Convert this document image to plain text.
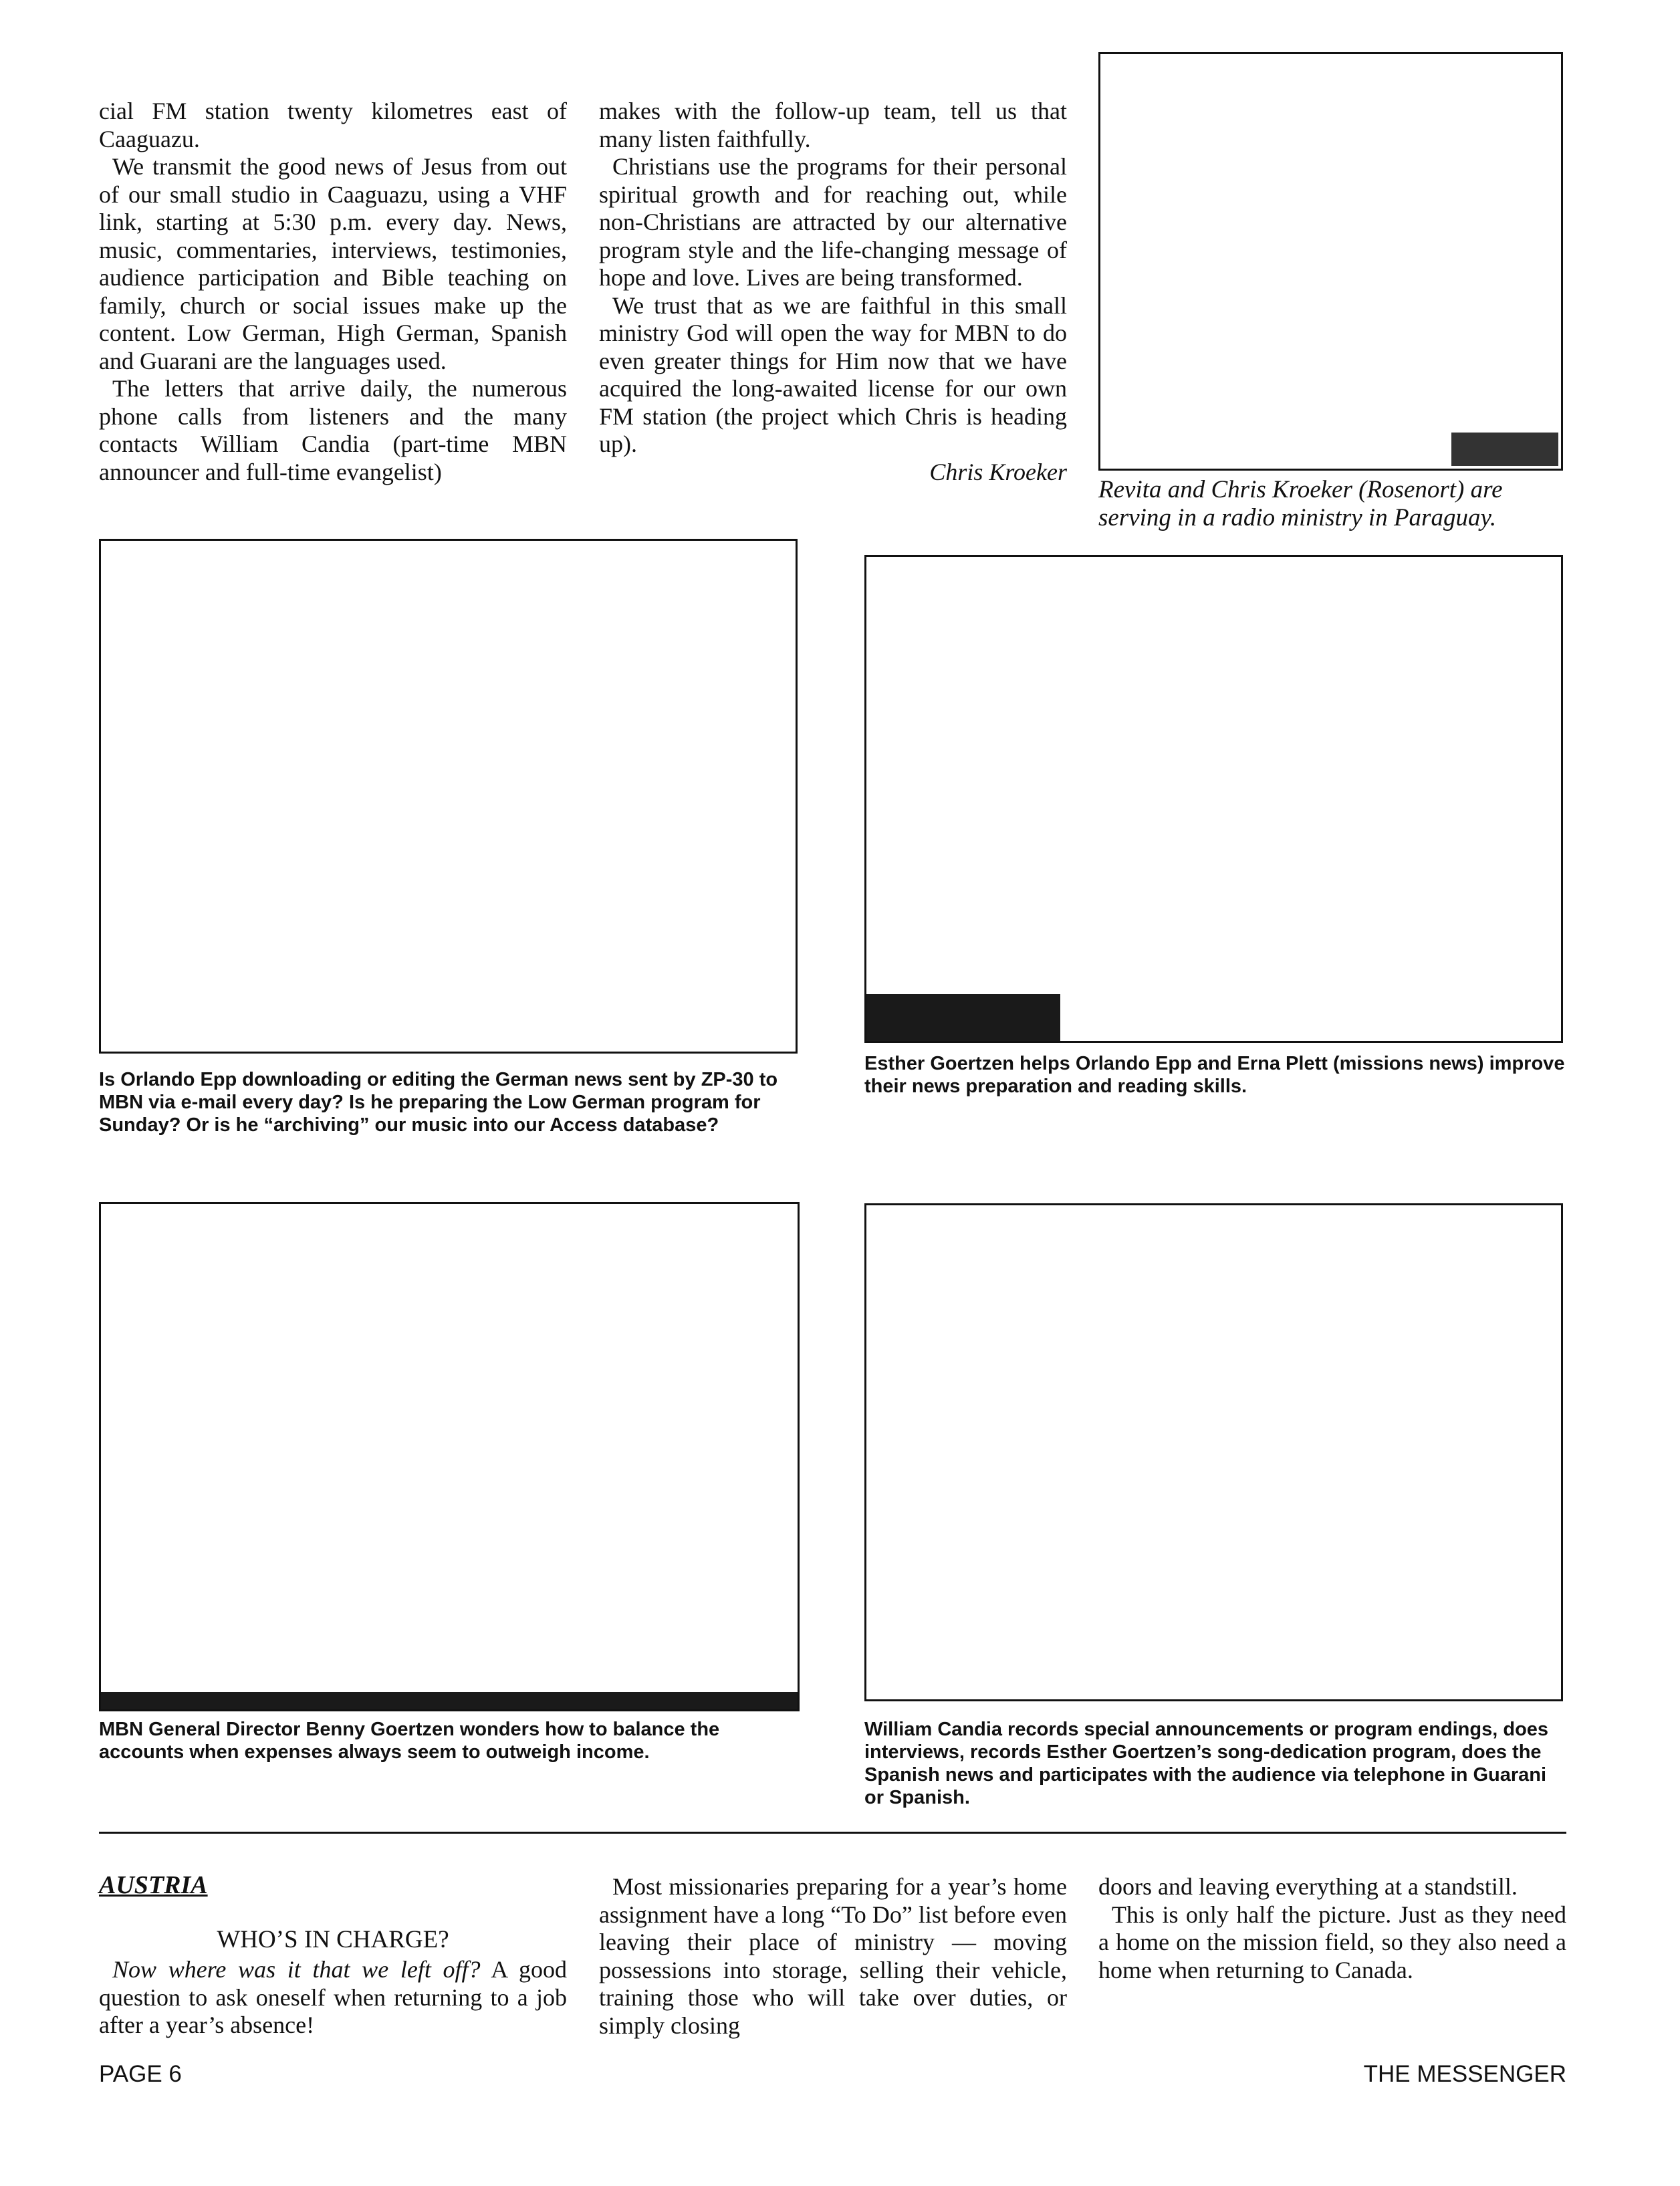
cial FM station twenty kilometres east of Caaguazu.

We transmit the good news of Jesus from out of our small studio in Caaguazu, using a VHF link, starting at 5:30 p.m. every day. News, music, commentaries, interviews, testimonies, audience participation and Bible teaching on family, church or social issues make up the content. Low German, High German, Spanish and Guarani are the languages used.

The letters that arrive daily, the numerous phone calls from listeners and the many contacts William Candia (part-time MBN announcer and full-time evangelist)

makes with the follow-up team, tell us that many listen faithfully.

Christians use the programs for their personal spiritual growth and for reaching out, while non-Christians are attracted by our alternative program style and the life-changing message of hope and love. Lives are being transformed.

We trust that as we are faithful in this small ministry God will open the way for MBN to do even greater things for Him now that we have acquired the long-awaited license for our own FM station (the project which Chris is heading up).

Chris Kroeker
Revita and Chris Kroeker (Rosenort) are serving in a radio ministry in Paraguay.
Is Orlando Epp downloading or editing the German news sent by ZP-30 to MBN via e-mail every day? Is he preparing the Low German program for Sunday? Or is he “archiving” our music into our Access database?
Esther Goertzen helps Orlando Epp and Erna Plett (missions news) improve their news preparation and reading skills.
MBN General Director Benny Goertzen wonders how to balance the accounts when expenses always seem to outweigh income.
William Candia records special announcements or program endings, does interviews, records Esther Goertzen’s song-dedication program, does the Spanish news and participates with the audience via telephone in Guarani or Spanish.
AUSTRIA
WHO’S IN CHARGE?

Now where was it that we left off? A good question to ask oneself when returning to a job after a year’s absence!

Most missionaries preparing for a year’s home assignment have a long “To Do” list before even leaving their place of ministry — moving possessions into storage, selling their vehicle, training those who will take over duties, or simply closing

doors and leaving everything at a standstill.

This is only half the picture. Just as they need a home on the mission field, so they also need a home when returning to Canada.

PAGE 6	THE MESSENGER
